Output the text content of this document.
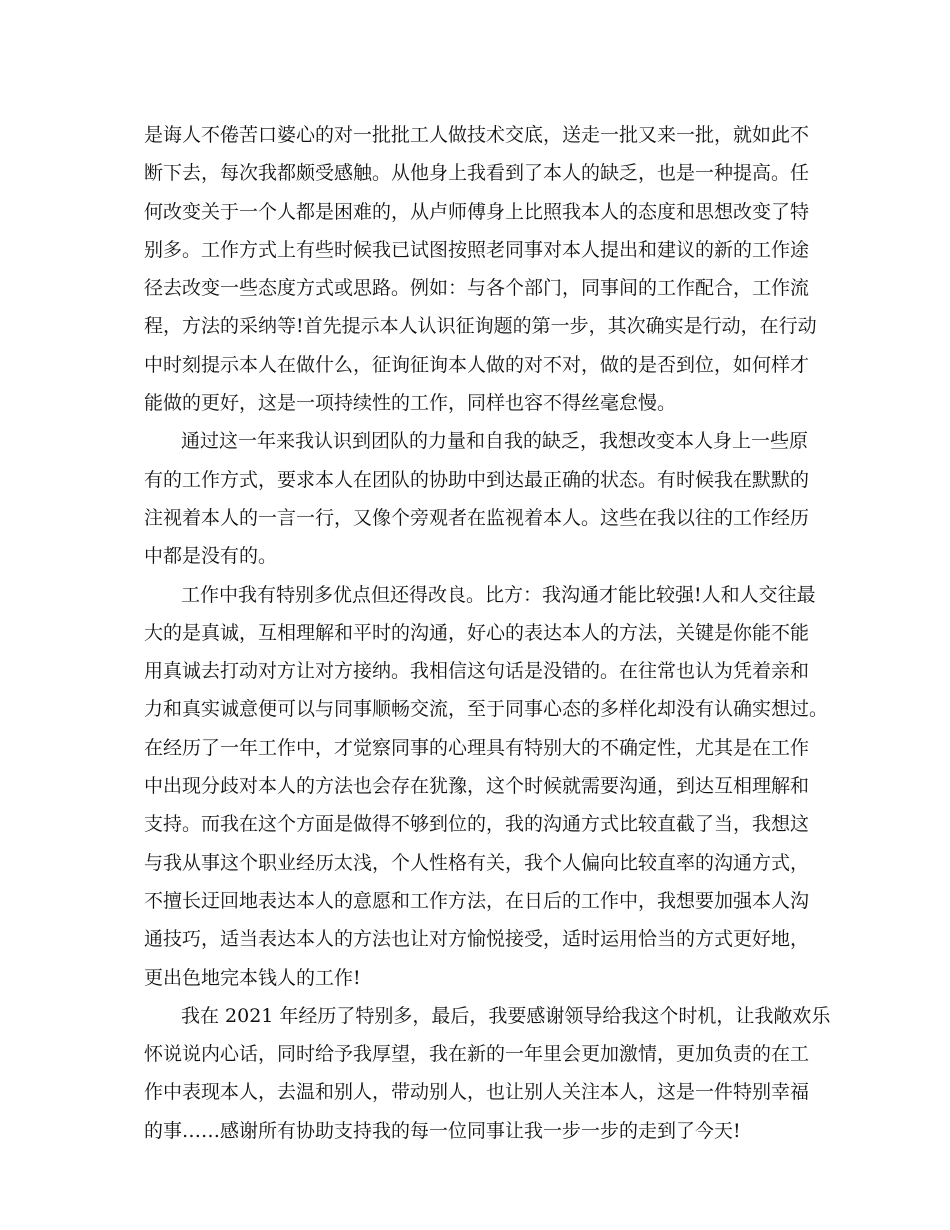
是诲人不倦苦口婆心的对一批批工人做技术交底，送走一批又来一批，就如此不
断下去，每次我都颇受感触。从他身上我看到了本人的缺乏，也是一种提高。任
何改变关于一个人都是困难的，从卢师傅身上比照我本人的态度和思想改变了特
别多。工作方式上有些时候我已试图按照老同事对本人提出和建议的新的工作途
径去改变一些态度方式或思路。例如：与各个部门，同事间的工作配合，工作流
程，方法的采纳等!首先提示本人认识征询题的第一步，其次确实是行动，在行动
中时刻提示本人在做什么，征询征询本人做的对不对，做的是否到位，如何样才
能做的更好，这是一项持续性的工作，同样也容不得丝毫怠慢。
通过这一年来我认识到团队的力量和自我的缺乏，我想改变本人身上一些原
有的工作方式，要求本人在团队的协助中到达最正确的状态。有时候我在默默的
注视着本人的一言一行，又像个旁观者在监视着本人。这些在我以往的工作经历
中都是没有的。
工作中我有特别多优点但还得改良。比方：我沟通才能比较强!人和人交往最
大的是真诚，互相理解和平时的沟通，好心的表达本人的方法，关键是你能不能
用真诚去打动对方让对方接纳。我相信这句话是没错的。在往常也认为凭着亲和
力和真实诚意便可以与同事顺畅交流，至于同事心态的多样化却没有认确实想过。
在经历了一年工作中，才觉察同事的心理具有特别大的不确定性，尤其是在工作
中出现分歧对本人的方法也会存在犹豫，这个时候就需要沟通，到达互相理解和
支持。而我在这个方面是做得不够到位的，我的沟通方式比较直截了当，我想这
与我从事这个职业经历太浅，个人性格有关，我个人偏向比较直率的沟通方式，
不擅长迂回地表达本人的意愿和工作方法，在日后的工作中，我想要加强本人沟
通技巧，适当表达本人的方法也让对方愉悦接受，适时运用恰当的方式更好地，
更出色地完本钱人的工作!
我在 2021 年经历了特别多，最后，我要感谢领导给我这个时机，让我敞欢乐
怀说说内心话，同时给予我厚望，我在新的一年里会更加激情，更加负责的在工
作中表现本人，去温和别人，带动别人，也让别人关注本人，这是一件特别幸福
的事……感谢所有协助支持我的每一位同事让我一步一步的走到了今天!
